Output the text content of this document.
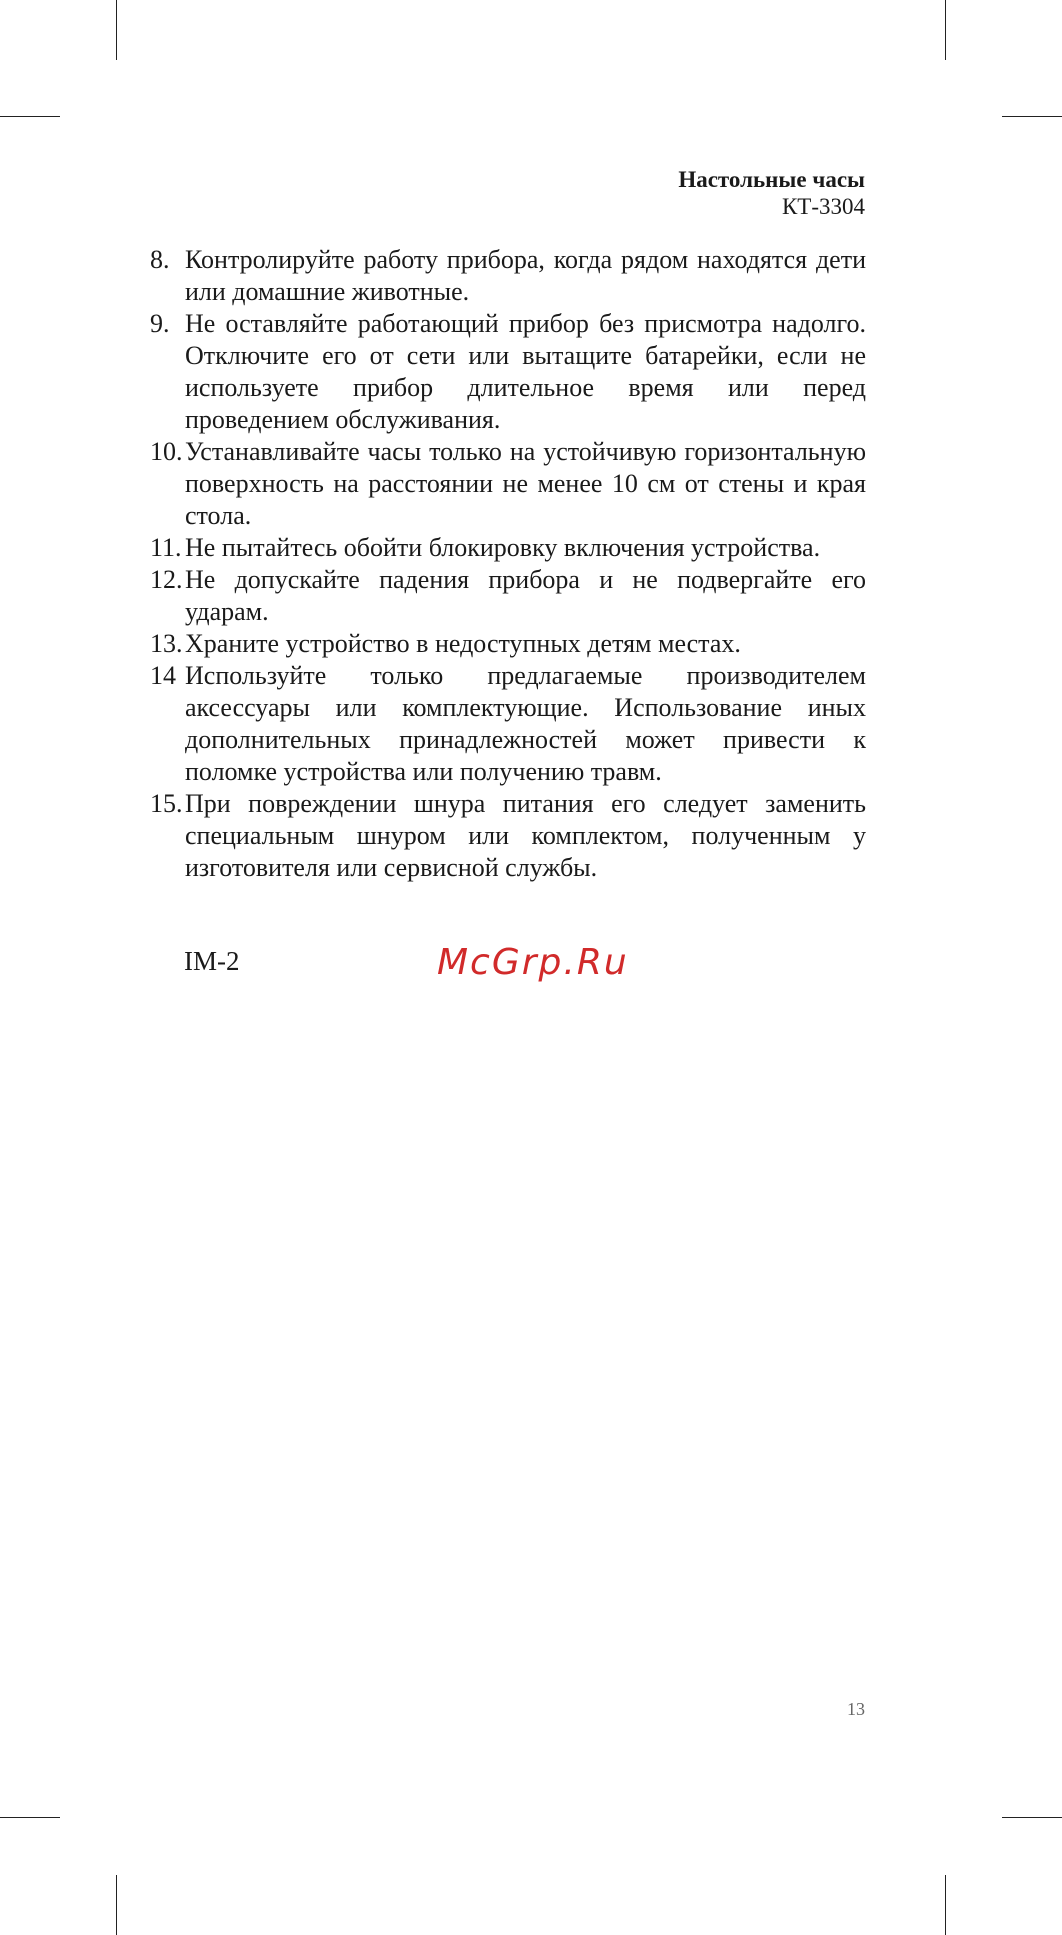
Настольные часы
КТ-3304
8. Контролируйте работу прибора, когда рядом находятся дети или домашние животные.
9. Не оставляйте работающий прибор без присмотра надолго. Отключите его от сети или вытащите батарейки, если не используете прибор длительное время или перед проведением обслуживания.
10. Устанавливайте часы только на устойчивую горизонтальную поверхность на расстоянии не менее 10 см от стены и края стола.
11. Не пытайтесь обойти блокировку включения устройства.
12. Не допускайте падения прибора и не подвергайте его ударам.
13. Храните устройство в недоступных детям местах.
14 Используйте только предлагаемые производителем аксессуары или комплектующие. Использование иных дополнительных принадлежностей может привести к поломке устройства или получению травм.
15. При повреждении шнура питания его следует заменить специальным шнуром или комплектом, полученным у изготовителя или сервисной службы.
IM-2	McGrp.Ru
13
